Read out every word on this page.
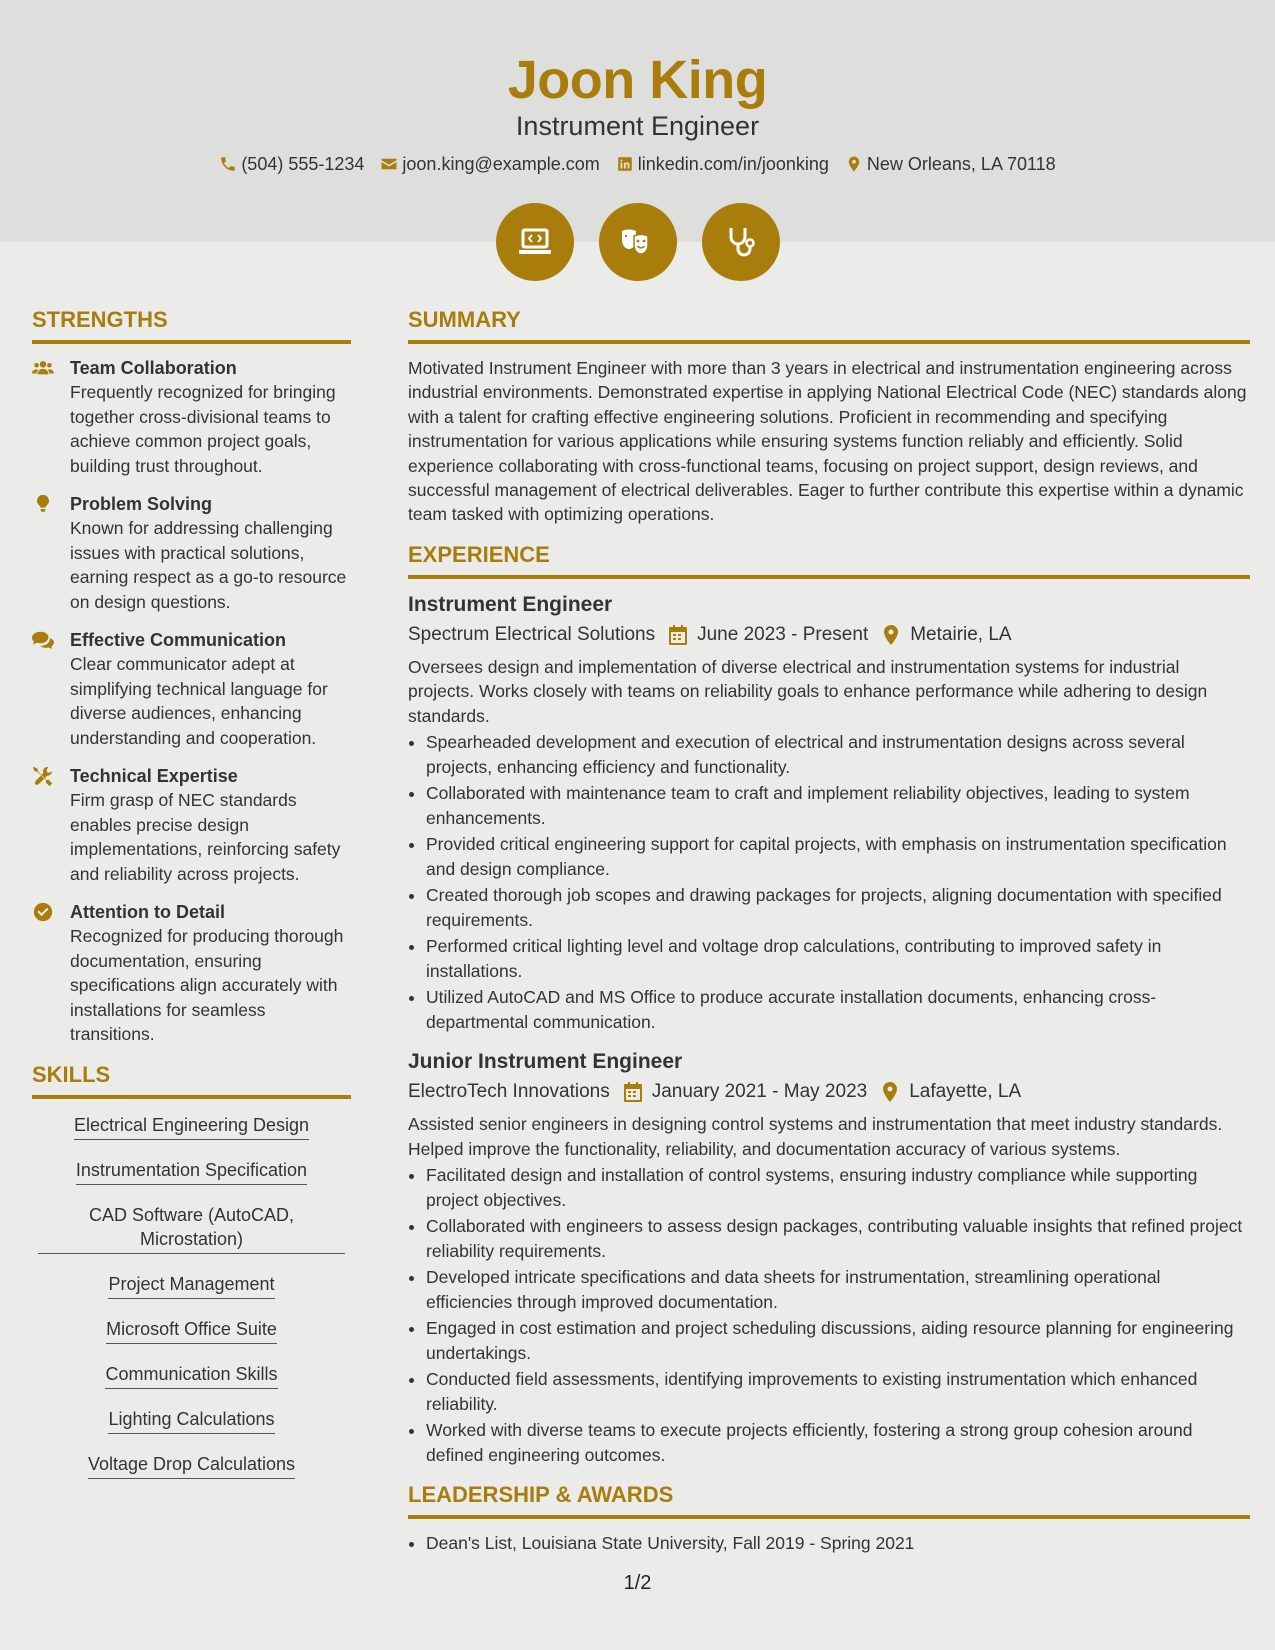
Joon King
Instrument Engineer
(504) 555-1234 joon.king@example.com linkedin.com/in/joonking New Orleans, LA 70118
STRENGTHS
Team Collaboration
Frequently recognized for bringing together cross-divisional teams to achieve common project goals, building trust throughout.
Problem Solving
Known for addressing challenging issues with practical solutions, earning respect as a go-to resource on design questions.
Effective Communication
Clear communicator adept at simplifying technical language for diverse audiences, enhancing understanding and cooperation.
Technical Expertise
Firm grasp of NEC standards enables precise design implementations, reinforcing safety and reliability across projects.
Attention to Detail
Recognized for producing thorough documentation, ensuring specifications align accurately with installations for seamless transitions.
SKILLS
Electrical Engineering Design
Instrumentation Specification
CAD Software (AutoCAD, Microstation)
Project Management
Microsoft Office Suite
Communication Skills
Lighting Calculations
Voltage Drop Calculations
SUMMARY
Motivated Instrument Engineer with more than 3 years in electrical and instrumentation engineering across industrial environments. Demonstrated expertise in applying National Electrical Code (NEC) standards along with a talent for crafting effective engineering solutions. Proficient in recommending and specifying instrumentation for various applications while ensuring systems function reliably and efficiently. Solid experience collaborating with cross-functional teams, focusing on project support, design reviews, and successful management of electrical deliverables. Eager to further contribute this expertise within a dynamic team tasked with optimizing operations.
EXPERIENCE
Instrument Engineer
Spectrum Electrical Solutions June 2023 - Present Metairie, LA
Oversees design and implementation of diverse electrical and instrumentation systems for industrial projects. Works closely with teams on reliability goals to enhance performance while adhering to design standards.
• Spearheaded development and execution of electrical and instrumentation designs across several projects, enhancing efficiency and functionality.
• Collaborated with maintenance team to craft and implement reliability objectives, leading to system enhancements.
• Provided critical engineering support for capital projects, with emphasis on instrumentation specification and design compliance.
• Created thorough job scopes and drawing packages for projects, aligning documentation with specified requirements.
• Performed critical lighting level and voltage drop calculations, contributing to improved safety in installations.
• Utilized AutoCAD and MS Office to produce accurate installation documents, enhancing cross-departmental communication.
Junior Instrument Engineer
ElectroTech Innovations January 2021 - May 2023 Lafayette, LA
Assisted senior engineers in designing control systems and instrumentation that meet industry standards. Helped improve the functionality, reliability, and documentation accuracy of various systems.
• Facilitated design and installation of control systems, ensuring industry compliance while supporting project objectives.
• Collaborated with engineers to assess design packages, contributing valuable insights that refined project reliability requirements.
• Developed intricate specifications and data sheets for instrumentation, streamlining operational efficiencies through improved documentation.
• Engaged in cost estimation and project scheduling discussions, aiding resource planning for engineering undertakings.
• Conducted field assessments, identifying improvements to existing instrumentation which enhanced reliability.
• Worked with diverse teams to execute projects efficiently, fostering a strong group cohesion around defined engineering outcomes.
LEADERSHIP & AWARDS
• Dean's List, Louisiana State University, Fall 2019 - Spring 2021
1/2
